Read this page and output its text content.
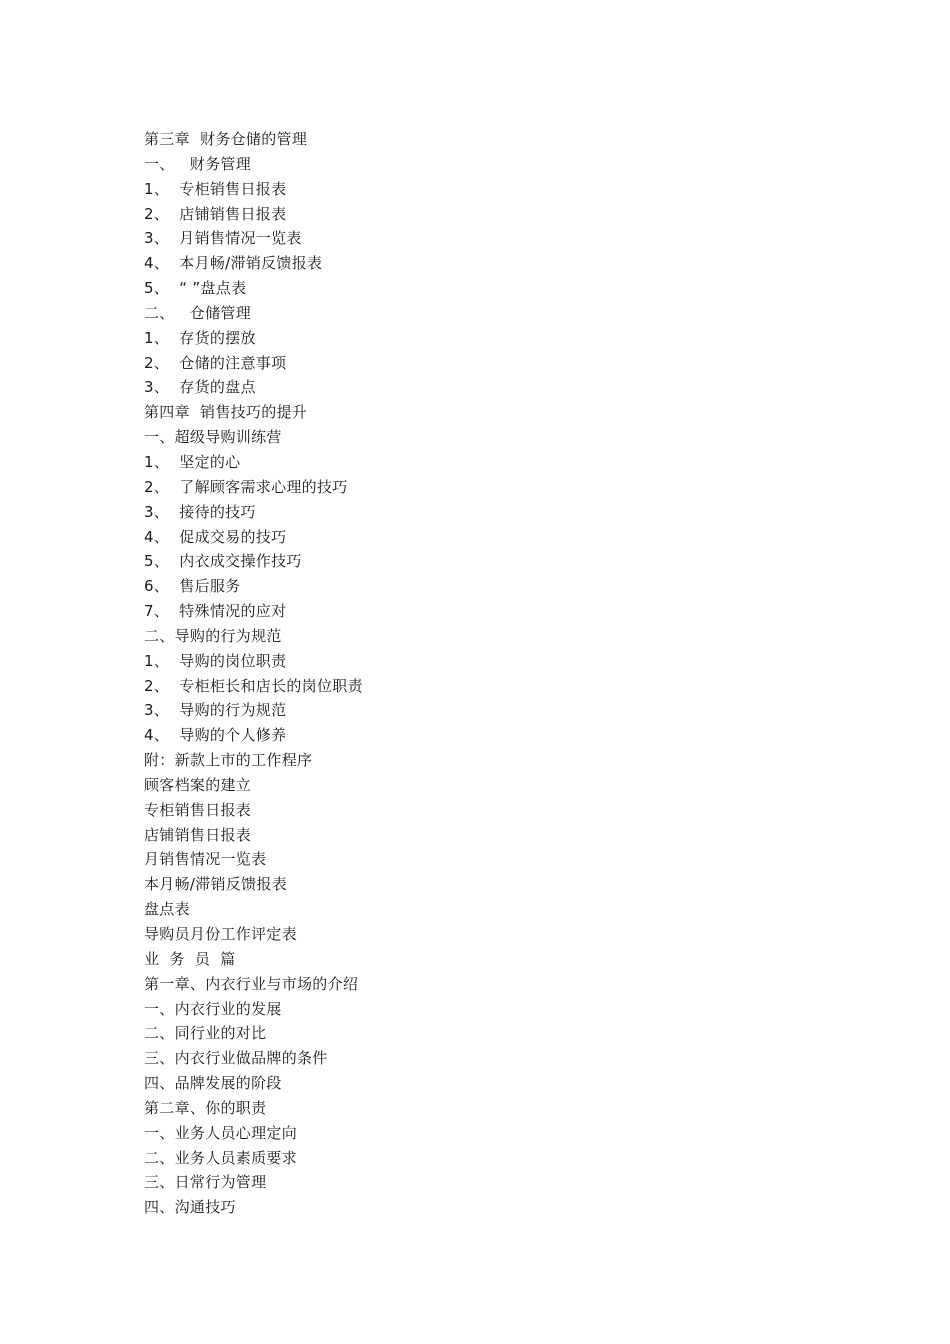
第三章  财务仓储的管理
一、   财务管理
1、  专柜销售日报表
2、  店铺销售日报表
3、  月销售情况一览表
4、  本月畅/滞销反馈报表
5、  “ ”盘点表
二、   仓储管理
1、  存货的摆放
2、  仓储的注意事项
3、  存货的盘点
第四章  销售技巧的提升
一、超级导购训练营
1、  坚定的心
2、  了解顾客需求心理的技巧
3、  接待的技巧
4、  促成交易的技巧
5、  内衣成交操作技巧
6、  售后服务
7、  特殊情况的应对
二、导购的行为规范
1、  导购的岗位职责
2、  专柜柜长和店长的岗位职责
3、  导购的行为规范
4、  导购的个人修养
附：新款上市的工作程序
顾客档案的建立
专柜销售日报表
店铺销售日报表
月销售情况一览表
本月畅/滞销反馈报表
盘点表
导购员月份工作评定表
业  务  员  篇
第一章、内衣行业与市场的介绍
一、内衣行业的发展
二、同行业的对比
三、内衣行业做品牌的条件
四、品牌发展的阶段
第二章、你的职责
一、业务人员心理定向
二、业务人员素质要求
三、日常行为管理
四、沟通技巧
